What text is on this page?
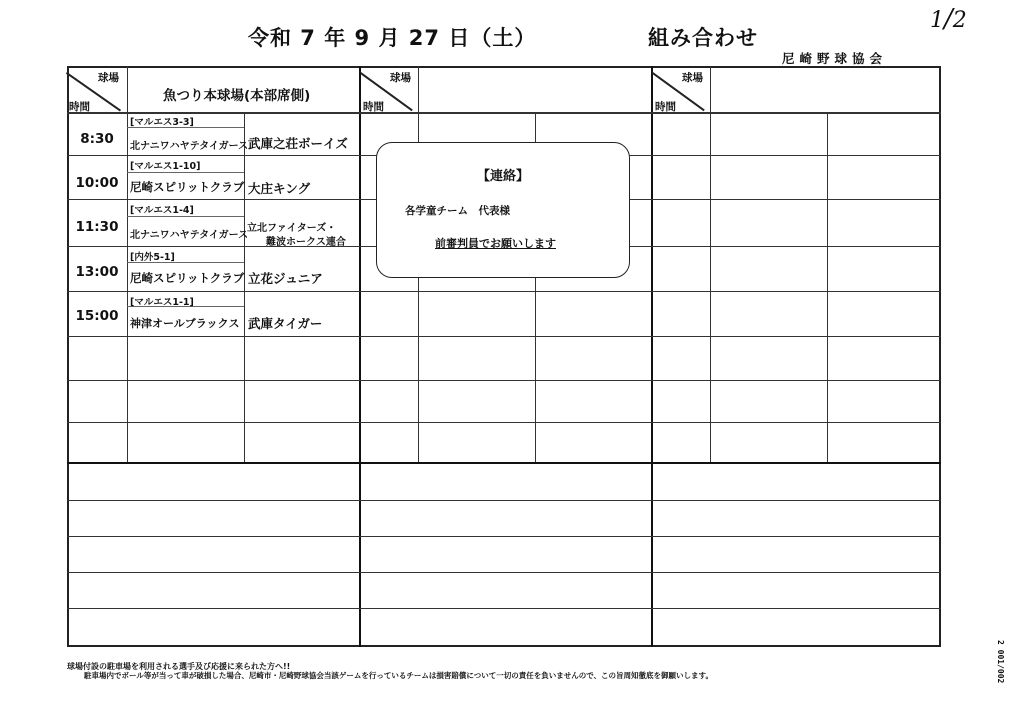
令和 7 年 9 月 27 日（土）	組み合わせ
尼崎野球協会
1/2
球場
時間
魚つり本球場(本部席側)
球場
時間
球場
時間
8:30
[マルエス3-3]
北ナニワハヤテタイガース 武庫之荘ボーイズ
10:00
[マルエス1-10]
尼崎スピリットクラブ 大庄キング
11:30
[マルエス1-4]
北ナニワハヤテタイガース
立北ファイターズ・
難波ホークス連合
13:00
[内外5-1]
尼崎スピリットクラブ 立花ジュニア
15:00
[マルエス1-1]
神津オールブラックス 武庫タイガー
【連絡】
各学童チーム　代表様
前審判員でお願いします
球場付設の駐車場を利用される選手及び応援に来られた方へ!!
駐車場内でボール等が当って車が破損した場合、尼崎市・尼崎野球協会当該ゲームを行っているチームは損害賠償について一切の責任を負いませんので、この旨周知徹底を御願いします。	2 001/002
